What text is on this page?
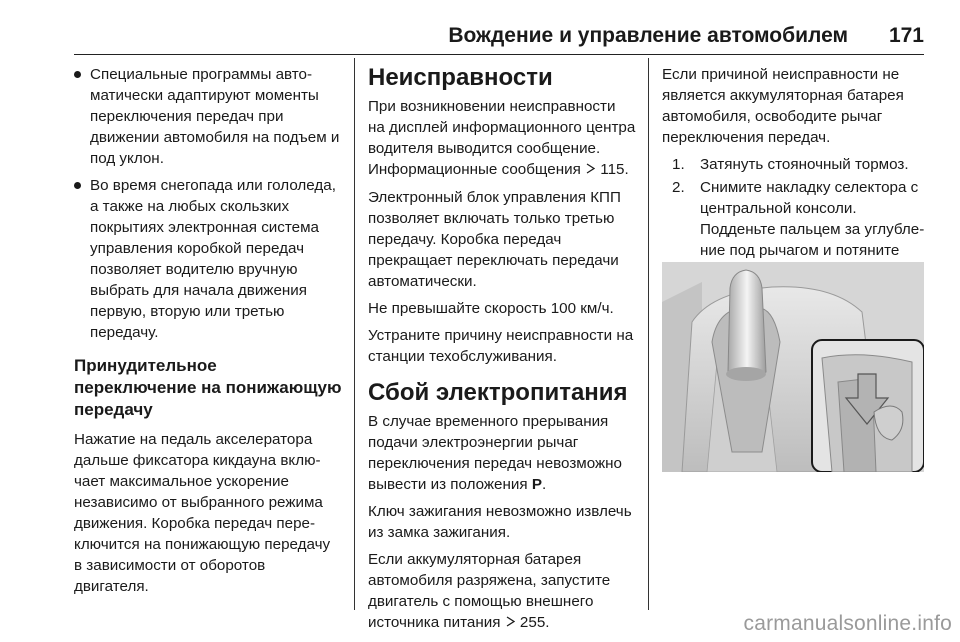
Вождение и управление автомобилем 171
Специальные программы автоматически адаптируют моменты переключения передач при движении автомобиля на подъем и под уклон.
Во время снегопада или гололеда, а также на любых скользких покрытиях электронная система управления коробкой передач позволяет водителю вручную выбрать для начала движения первую, вторую или третью передачу.
Принудительное переключение на понижающую передачу

Нажатие на педаль акселератора дальше фиксатора кикдауна включает максимальное ускорение независимо от выбранного режима движения. Коробка передач переключится на понижающую передачу в зависимости от оборотов двигателя.

Неисправности

При возникновении неисправности на дисплей информационного центра водителя выводится сообщение. Информационные сообщения 115.

Электронный блок управления КПП позволяет включать только третью передачу. Коробка передач прекращает переключать передачи автоматически.

Не превышайте скорость 100 км/ч.

Устраните причину неисправности на станции техобслуживания.

Сбой электропитания

В случае временного прерывания подачи электроэнергии рычаг переключения передач невозможно вывести из положения P.

Ключ зажигания невозможно извлечь из замка зажигания.

Если аккумуляторная батарея автомобиля разряжена, запустите двигатель с помощью внешнего источника питания 255.

Если причиной неисправности не является аккумуляторная батарея автомобиля, освободите рычаг переключения передач.

1. Затянуть стояночный тормоз.
2. Снимите накладку селектора с центральной консоли. Подденьте пальцем за углубление под рычагом и потяните
carmanualsonline.info
